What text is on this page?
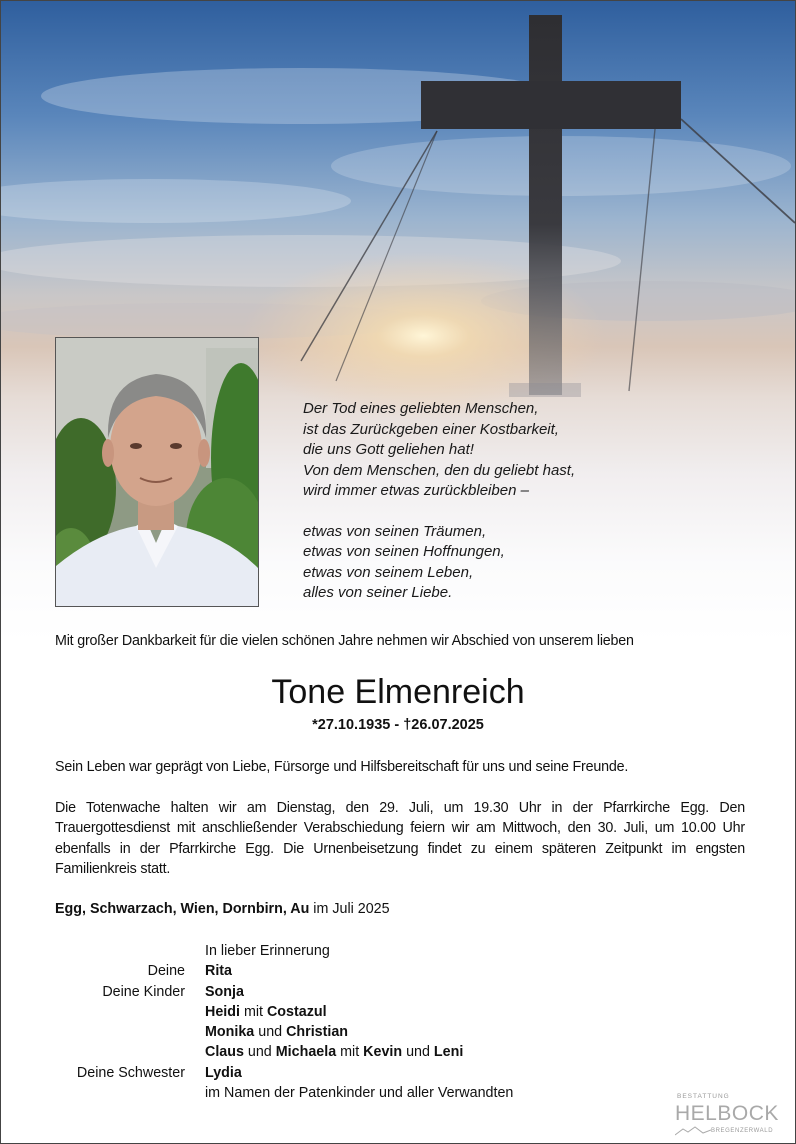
Der Tod eines geliebten Menschen,
ist das Zurückgeben einer Kostbarkeit,
die uns Gott geliehen hat!
Von dem Menschen, den du geliebt hast,
wird immer etwas zurückbleiben –
etwas von seinen Träumen,
etwas von seinen Hoffnungen,
etwas von seinem Leben,
alles von seiner Liebe.
Mit großer Dankbarkeit für die vielen schönen Jahre nehmen wir Abschied von unserem lieben
Tone Elmenreich
*27.10.1935 - †26.07.2025
Sein Leben war geprägt von Liebe, Fürsorge und Hilfsbereitschaft für uns und seine Freunde.
Die Totenwache halten wir am Dienstag, den 29. Juli, um 19.30 Uhr in der Pfarrkirche Egg. Den Trauergottesdienst mit anschließender Verabschiedung feiern wir am Mittwoch, den 30. Juli, um 10.00 Uhr ebenfalls in der Pfarrkirche Egg. Die Urnenbeisetzung findet zu einem späteren Zeitpunkt im engsten Familienkreis statt.
Egg, Schwarzach, Wien, Dornbirn, Au im Juli 2025
In lieber Erinnerung
Deine	Rita
Deine Kinder	Sonja
Heidi mit Costazul
Monika und Christian
Claus und Michaela mit Kevin und Leni
Deine Schwester	Lydia
im Namen der Patenkinder und aller Verwandten	BESTATTUNG
HELBOCK
BREGENZERWALD
